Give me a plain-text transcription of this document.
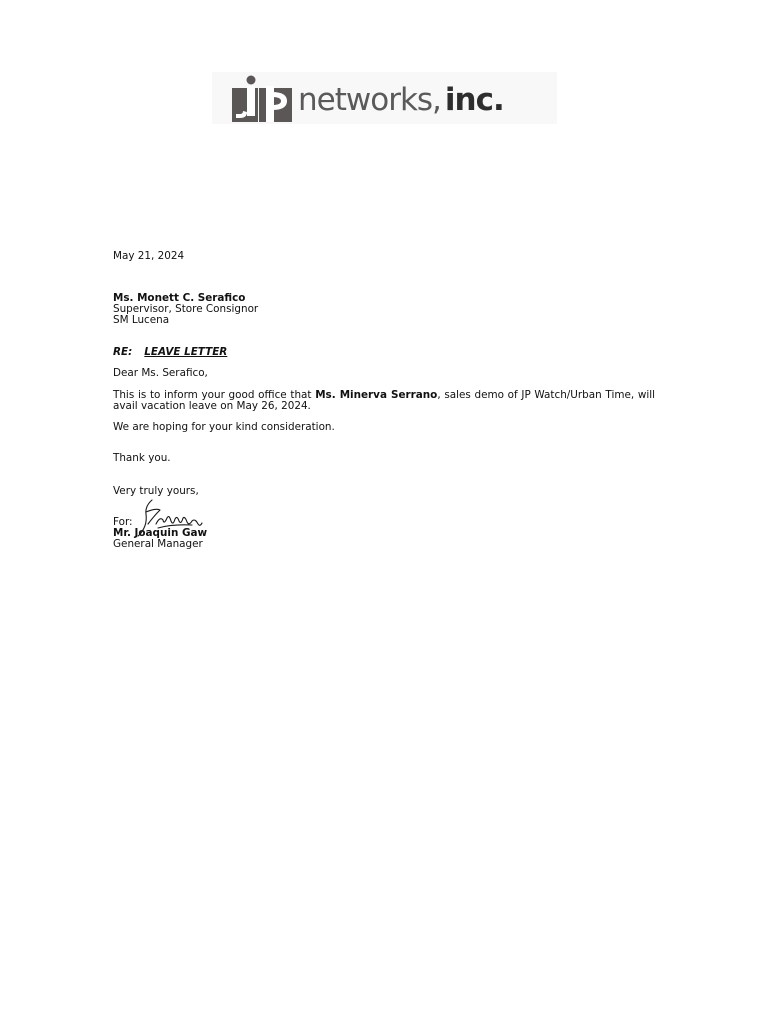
networks, inc.
May 21, 2024
Ms. Monett C. Serafico
Supervisor, Store Consignor
SM Lucena
RE: LEAVE LETTER
Dear Ms. Serafico,
This is to inform your good office that Ms. Minerva Serrano, sales demo of JP Watch/Urban Time, will avail vacation leave on May 26, 2024.
We are hoping for your kind consideration.
Thank you.
Very truly yours,
For:
Mr. Joaquin Gaw
General Manager
